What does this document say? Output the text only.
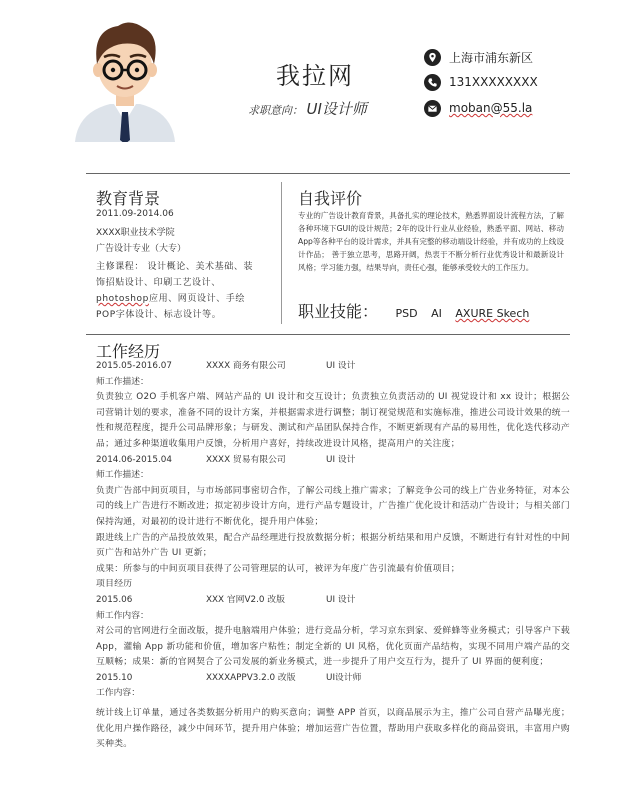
我拉网
求职意向： UI设计师
上海市浦东新区
131XXXXXXXX
moban@55.la
教育背景
2011.09-2014.06
XXXX职业技术学院
广告设计专业（大专）
主修课程： 设计概论、美术基础、装饰招贴设计、印刷工艺设计、photoshop应用、网页设计、手绘POP字体设计、标志设计等。
自我评价
专业的广告设计教育背景，具备扎实的理论技术，熟悉界面设计流程方法，了解各种环境下GUI的设计规范；2年的设计行业从业经验，熟悉平面、网站、移动App等各种平台的设计需求，并具有完整的移动端设计经验，并有成功的上线设计作品； 善于独立思考，思路开阔，热衷于不断分析行业优秀设计和最新设计风格；学习能力强，结果导向，责任心强，能够承受较大的工作压力。
职业技能： PSD AI AXURE Skech
工作经历
2015.05-2016.07	XXXX 商务有限公司	UI 设计
师工作描述：
负责独立 O2O 手机客户端、网站产品的 UI 设计和交互设计；负责独立负责活动的 UI 视觉设计和 xx 设计；根据公司营销计划的要求，准备不同的设计方案，并根据需求进行调整；制订视觉规范和实施标准，推进公司设计效果的统一性和规范程度，提升公司品牌形象；与研发、测试和产品团队保持合作，不断更新现有产品的易用性，优化迭代移动产品；通过多种渠道收集用户反馈，分析用户喜好，持续改进设计风格，提高用户的关注度；
2014.06-2015.04	XXXX 贸易有限公司	UI 设计
师工作描述：
负责广告部中间页项目，与市场部同事密切合作，了解公司线上推广需求；了解竞争公司的线上广告业务特征，对本公司的线上广告进行不断改进；拟定初步设计方向，进行产品专题设计，广告推广优化设计和活动广告设计；与相关部门保持沟通，对最初的设计进行不断优化，提升用户体验；
跟进线上广告的产品投放效果，配合产品经理进行投放数据分析；根据分析结果和用户反馈，不断进行有针对性的中间页广告和站外广告 UI 更新；
成果：所参与的中间页项目获得了公司管理层的认可，被评为年度广告引流最有价值项目；
项目经历
2015.06	XXX 官网V2.0 改版	UI 设计
师工作内容：
对公司的官网进行全面改版，提升电脑端用户体验；进行竞品分析，学习京东到家、爱鲜蜂等业务模式；引导客户下载 App，灌输 App 新功能和价值，增加客户粘性；制定全新的 UI 风格，优化页面产品结构，实现不同用户端产品的交互顺畅；成果：新的官网契合了公司发展的新业务模式，进一步提升了用户交互行为，提升了 UI 界面的便利度；
2015.10	XXXXAPPV3.2.0 改版	UI设计师
工作内容：
统计线上订单量，通过各类数据分析用户的购买意向；调整 APP 首页，以商品展示为主，推广公司自营产品曝光度；优化用户操作路径，减少中间环节，提升用户体验；增加运营广告位置，帮助用户获取多样化的商品资讯，丰富用户购买种类。
